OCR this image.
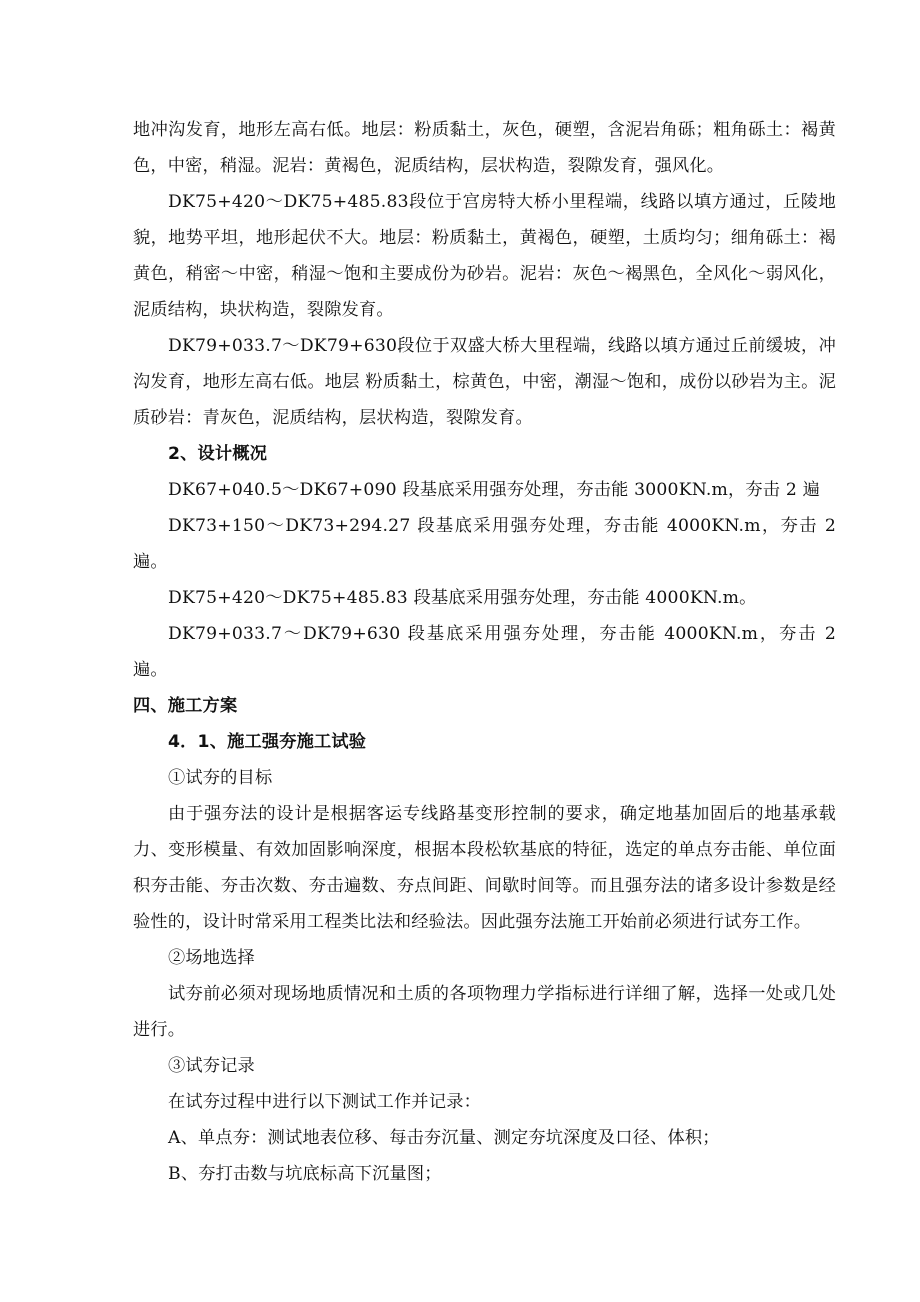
地冲沟发育，地形左高右低。地层：粉质黏土，灰色，硬塑，含泥岩角砾；粗角砾土：褐黄色，中密，稍湿。泥岩：黄褐色，泥质结构，层状构造，裂隙发育，强风化。

DK75+420～DK75+485.83段位于宫房特大桥小里程端，线路以填方通过，丘陵地貌，地势平坦，地形起伏不大。地层：粉质黏土，黄褐色，硬塑，土质均匀；细角砾土：褐黄色，稍密～中密，稍湿～饱和主要成份为砂岩。泥岩：灰色～褐黑色，全风化～弱风化，泥质结构，块状构造，裂隙发育。

DK79+033.7～DK79+630段位于双盛大桥大里程端，线路以填方通过丘前缓坡，冲沟发育，地形左高右低。地层 粉质黏土，棕黄色，中密，潮湿～饱和，成份以砂岩为主。泥质砂岩：青灰色，泥质结构，层状构造，裂隙发育。

2、设计概况

DK67+040.5～DK67+090 段基底采用强夯处理，夯击能 3000KN.m，夯击 2 遍

DK73+150～DK73+294.27 段基底采用强夯处理，夯击能 4000KN.m，夯击 2 遍。

DK75+420～DK75+485.83 段基底采用强夯处理，夯击能 4000KN.m。

DK79+033.7～DK79+630 段基底采用强夯处理，夯击能 4000KN.m，夯击 2 遍。

四、施工方案

4．1、施工强夯施工试验

①试夯的目标

由于强夯法的设计是根据客运专线路基变形控制的要求，确定地基加固后的地基承载力、变形模量、有效加固影响深度，根据本段松软基底的特征，选定的单点夯击能、单位面积夯击能、夯击次数、夯击遍数、夯点间距、间歇时间等。而且强夯法的诸多设计参数是经验性的，设计时常采用工程类比法和经验法。因此强夯法施工开始前必须进行试夯工作。

②场地选择

试夯前必须对现场地质情况和土质的各项物理力学指标进行详细了解，选择一处或几处进行。

③试夯记录

在试夯过程中进行以下测试工作并记录：

A、单点夯：测试地表位移、每击夯沉量、测定夯坑深度及口径、体积；

B、夯打击数与坑底标高下沉量图；
